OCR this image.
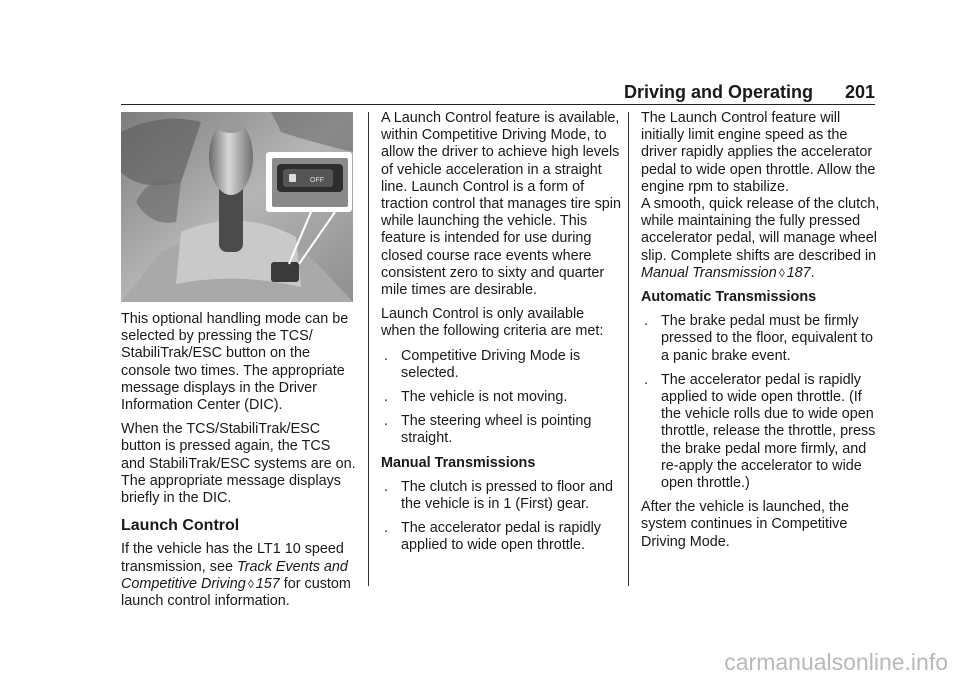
Driving and Operating 201
OFF

This optional handling mode can be selected by pressing the TCS/ StabiliTrak/ESC button on the console two times. The appropriate message displays in the Driver Information Center (DIC).

When the TCS/StabiliTrak/ESC button is pressed again, the TCS and StabiliTrak/ESC systems are on. The appropriate message displays briefly in the DIC.

Launch Control

If the vehicle has the LT1 10 speed transmission, see Track Events and Competitive Driving ◊ 157 for custom launch control information.

A Launch Control feature is available, within Competitive Driving Mode, to allow the driver to achieve high levels of vehicle acceleration in a straight line. Launch Control is a form of traction control that manages tire spin while launching the vehicle. This feature is intended for use during closed course race events where consistent zero to sixty and quarter mile times are desirable.

Launch Control is only available when the following criteria are met:

. Competitive Driving Mode is selected.
. The vehicle is not moving.
. The steering wheel is pointing straight.
Manual Transmissions
. The clutch is pressed to floor and the vehicle is in 1 (First) gear.
. The accelerator pedal is rapidly applied to wide open throttle.

The Launch Control feature will initially limit engine speed as the driver rapidly applies the accelerator pedal to wide open throttle. Allow the engine rpm to stabilize.

A smooth, quick release of the clutch, while maintaining the fully pressed accelerator pedal, will manage wheel slip. Complete shifts are described in Manual Transmission ◊ 187.

Automatic Transmissions
. The brake pedal must be firmly pressed to the floor, equivalent to a panic brake event.
. The accelerator pedal is rapidly applied to wide open throttle. (If the vehicle rolls due to wide open throttle, release the throttle, press the brake pedal more firmly, and re-apply the accelerator to wide open throttle.)

After the vehicle is launched, the system continues in Competitive Driving Mode.

carmanualsonline.info
